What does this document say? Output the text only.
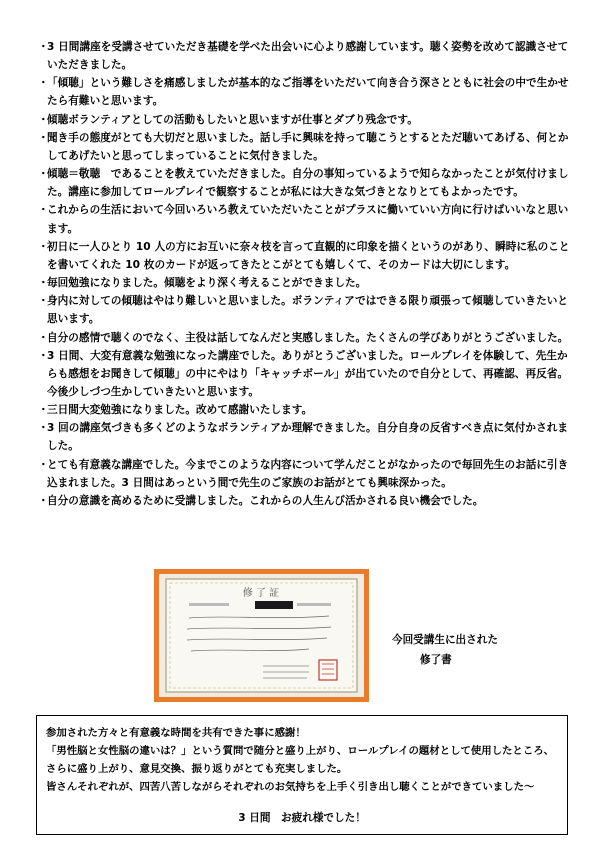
・
3 日間講座を受講させていただき基礎を学べた出会いに心より感謝しています。聴く姿勢を改めて認識させていただきました。
・
「傾聴」という難しさを痛感しましたが基本的なご指導をいただいて向き合う深さとともに社会の中で生かせたら有難いと思います。
・
傾聴ボランティアとしての活動もしたいと思いますが仕事とダブり残念です。
・
聞き手の態度がとても大切だと思いました。話し手に興味を持って聴こうとするとただ聴いてあげる、何とかしてあげたいと思ってしまっていることに気付きました。
・
傾聴＝敬聴　であることを教えていただきました。自分の事知っているようで知らなかったことが気付けました。講座に参加してロールプレイで観察することが私には大きな気づきとなりとてもよかったです。
・
これからの生活において今回いろいろ教えていただいたことがプラスに働いていい方向に行けばいいなと思います。
・
初日に一人ひとり 10 人の方にお互いに奈々枝を言って直観的に印象を描くというのがあり、瞬時に私のことを書いてくれた 10 枚のカードが返ってきたとこがとても嬉しくて、そのカードは大切にします。
・
毎回勉強になりました。傾聴をより深く考えることができました。
・
身内に対しての傾聴はやはり難しいと思いました。ボランティアではできる限り頑張って傾聴していきたいと思います。
・
自分の感情で聴くのでなく、主役は話してなんだと実感しました。たくさんの学びありがとうございました。
・
3 日間、大変有意義な勉強になった講座でした。ありがとうございました。ロールプレイを体験して、先生からも感想をお聞きして傾聴」の中にやはり「キャッチボール」が出ていたので自分として、再確認、再反省。今後少しづつ生かしていきたいと思います。
・
三日間大変勉強になりました。改めて感謝いたします。
・
3 回の講座気づきも多くどのようなボランティアか理解できました。自分自身の反省すべき点に気付かされました。
・
とても有意義な講座でした。今までこのような内容について学んだことがなかったので毎回先生のお話に引き込まれました。3 日間はあっという間で先生のご家族のお話がとても興味深かった。
・
自分の意識を高めるために受講しました。これからの人生んび活かされる良い機会でした。
修 了 証
今回受講生に出された
修了書
参加された方々と有意義な時間を共有できた事に感謝！
「男性脳と女性脳の違いは？」という質問で随分と盛り上がり、ロールプレイの題材として使用したところ、さらに盛り上がり、意見交換、振り返りがとても充実しました。
皆さんそれぞれが、四苦八苦しながらそれぞれのお気持ちを上手く引き出し聴くことができていました～
3 日間　お疲れ様でした！
